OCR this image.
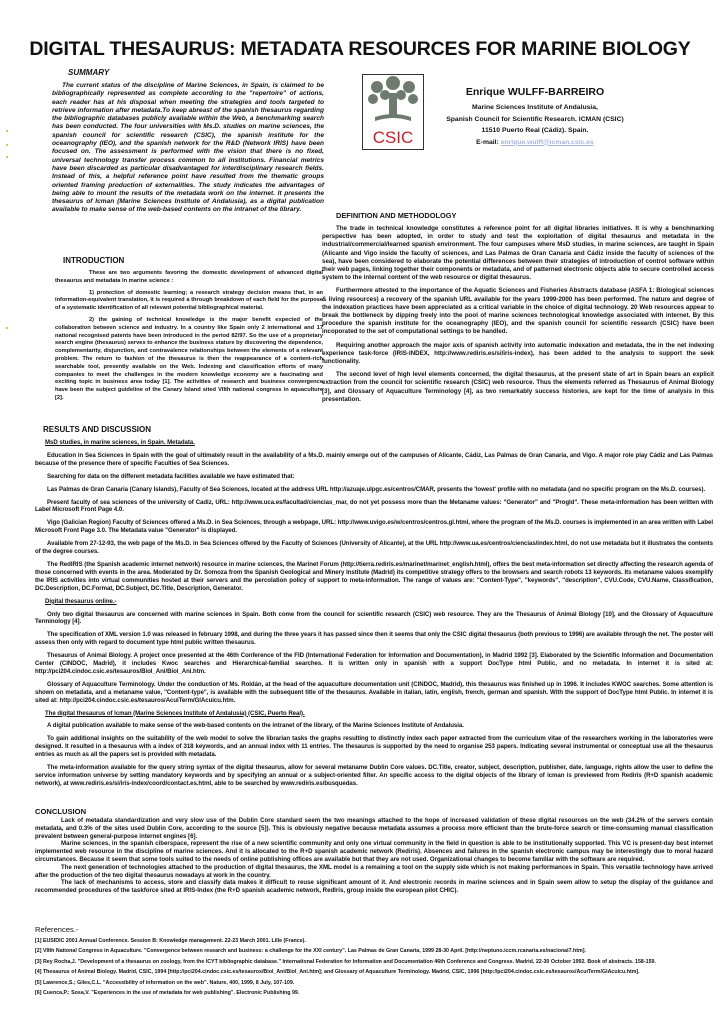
DIGITAL THESAURUS: METADATA RESOURCES FOR MARINE BIOLOGY
SUMMARY

The current status of the discipline of Marine Sciences, in Spain, is claimed to be bibliographically represented as complete according to the "repertoire" of actions, each reader has at his disposal when meeting the strategies and tools targeted to retrieve information after metadata.To keep abreast of the spanish thesaurus regarding the bibliographic databases publicly available within the Web, a benchmarking search has been conducted. The four universities with Ms.D. studies on marine sciences, the spanish council for scientific research (CSIC), the spanish institute for the oceanography (IEO), and the spanish network for the R&D (Network IRIS) have been focused on. The assessment is performed with the vision that there is no fixed, universal technology transfer process common to all institutions. Financial metrics have been discarded as particular disadvantaged for interdisciplinary research fields. Instead of this, a helpful reference point have resulted from the thematic groups oriented framing production of externalities. The study indicates the advantages of being able to mount the results of the metadata work on the internet. It presents the thesaurus of Icman (Marine Sciences Institute of Andalusia), as a digital publication available to make sense of the web-based contents on the intranet of the library.

CSIC
Enrique WULFF-BARREIRO
Marine Sciences Institute of Andalusia,
Spanish Council for Scientific Research. ICMAN (CSIC)
11510 Puerto Real (Cádiz). Spain.
E-mail: enrique.wulff@icman.csic.es
INTRODUCTION

These are two arguments favoring the domestic development of advanced digital thesaurus and metadata in marine science :

1) protection of domestic learning; a research strategy decision means that, in an information-equivalent translation, it is required a through breakdown of each field for the purpose of a systematic identification of all relevant potential bibliographical material.

2) the gaining of technical knowledge is the major benefit expected of the collaboration between science and industry. In a country like Spain only 2 international and 17 national recognised patents have been introduced in the period 82/97. So the use of a proprietary search engine (thesaurus) serves to enhance the business stature by discovering the dependence, complementarity, disjunction, and contravalence relationships between the elements of a relevant problem. The return to fashion of the thesaurus is then the reappearance of a content-rich searchable tool, presently available on the Web. Indexing and classification efforts of many companies to meet the challenges in the modern knowledge economy are a fascinating and exciting topic in business area today [1]. The activities of research and business convergence have been the subject guideline of the Canary Island sited VIIth national congress in aquaculture [2].

DEFINITION AND METHODOLOGY

The trade in technical knowledge constitutes a reference point for all digital libraries initiatives. It is why a benchmarking perspective has been adopted, in order to study and test the exploitation of digital thesaurus and metadata in the industrial/commercial/learned spanish environment. The four campuses where MsD studies, in marine sciences, are taught in Spain (Alicante and Vigo inside the faculty of sciences, and Las Palmas de Gran Canaria and Cádiz inside the faculty of sciences of the sea), have been considered to elaborate the potential differences between their strategies of introduction of control software within their web pages, linking together their components or metadata, and of patterned electronic objects able to secure controlled access system to the internal content of the web resource or digital thesaurus.

Furthermore attested to the importance of the Aquatic Sciences and Fisheries Abstracts database (ASFA 1: Biological sciences & living resources) a recovery of the spanish URL available for the years 1999-2000 has been performed. The nature and degree of the indexation practices have been appreciated as a critical variable in the choice of digital technology. 20 Web resources appear to break the bottleneck by dipping freely into the pool of marine sciences technological knowledge associated with internet. By this procedure the spanish institute for the oceanography (IEO), and the spanish council for scientific research (CSIC) have been incoporated to the set of computational settings to be handled.

Requiring another approach the major axis of spanish activity into automatic indexation and metadata, the in the net indexing experience task-force (IRIS-INDEX, http://www.rediris.es/si/iris-index), has been added to the analysis to support the seek functionality.

The second level of high level elements concerned, the digital thesaurus, at the present state of art in Spain bears an explicit extraction from the council for scientific research (CSIC) web resource. Thus the elements referred as Thesaurus of Animal Biology [3], and Glossary of Aquaculture Terminology [4], as two remarkably success histories, are kept for the time of analysis in this presentation.

RESULTS AND DISCUSSION

MsD studies, in marine sciences, in Spain. Metadata.

Education in Sea Sciences in Spain with the goal of ultimately result in the availability of a Ms.D. mainly emerge out of the campuses of Alicante, Cádiz, Las Palmas de Gran Canaria, and Vigo. A major role play Cádiz and Las Palmas because of the presence there of specific Faculties of Sea Sciences.

Searching for data on the different metadata facilities available we have estimated that:

Las Palmas de Gran Canaria (Canary Islands), Faculty of Sea Sciences, located at the address URL http://azuaje.ulpgc.es/centros/CMAR, presents the 'lowest' profile with no metadata (and no specific program on the Ms.D. courses).

Present faculty of sea sciences of the university of Cadiz, URL: http://www.uca.es/facultad/ciencias_mar, do not yet possess more than the Metaname values: "Generator" and "Progld". These meta-information has been written with Label Microsoft Front Page 4.0.

Vigo (Galician Region) Faculty of Sciences offered a Ms.D. in Sea Sciences, through a webpage, URL: http://www.uvigo.es/w/centros/centros.gl.html, where the program of the Ms.D. courses is implemented in an area written with Label Microsoft Front Page 3.0. The Metadata value "Generator" is displayed.

Available from 27-12-93, the web page of the Ms.D. in Sea Sciences offered by the Faculty of Sciences (University of Alicante), at the URL http://www.ua.es/centros/ciencias/index.html, do not use metadata but it illustrates the contents of the degree courses.

The RedIRIS (the Spanish academic internet network) resource in marine sciences, the Marinet Forum (http://tierra.rediris.es/marinet/marinet_english.html), offers the best meta-information set directly affecting the research agenda of those concerned with events in the area. Moderated by Dr. Somoza from the Spanish Geological and Minery Institute (Madrid) its competitive strategy offers to the browsers and search robots 13 keywords. Its metaname values exemplify the IRIS activities into virtual communities hosted at their servers and the percolation policy of support to meta-information. The range of values are: "Content-Type", "keywords", "description", CVU.Code, CVU.Name, Classification, DC.Description, DC.Format, DC.Subject, DC.Title, Description, Generator.

Digital thesaurus online.-

Only two digital thesaurus are concerned with marine sciences in Spain. Both come from the council for scientific research (CSIC) web resource. They are the Thesaurus of Animal Biology [10], and the Glossary of Aquaculture Terminology [4].

The specification of XML version 1.0 was released in february 1998, and during the three years it has passed since then it seems that only the CSIC digital thesaurus (both previous to 1996) are available through the net. The poster will assess then only with regard to document type html public written thesaurus.

Thesaurus of Animal Biology. A project once presented at the 46th Conference of the FID (International Federation for Information and Documentation), in Madrid 1992 [3]. Elaborated by the Scientific Information and Documentation Center (CINDOC, Madrid), it includes Kwoc searches and Hierarchical-familial searches. It is written only in spanish with a support DocType html Public, and no metadata. In internet it is sited at: http://pci204.cindoc.csic.es/tesauros/Biol_Ani/Biol_Ani.htm.

Glossary of Aquaculture Terminology. Under the conduction of Ms. Roldán, at the head of the aquaculture documentation unit (CINDOC, Madrid), this thesaurus was finished up in 1996. It includes KWOC searches. Some attention is shown on metadata, and a metaname value, "Content-type", is available with the subsequent title of the thesaurus. Available in italian, latin, english, french, german and spanish. With the support of DocType html Public. In internet it is sited at: http://pci204.cindoc.csic.es/tesauros/AcuiTerm/GlAcuicu.htm.

The digital thesaurus of Icman (Marine Sciences Institute of Andalusia) (CSIC, Puerto Real).

A digital publication available to make sense of the web-based contents on the intranet of the library, of the Marine Sciences Institute of Andalusia.

To gain additional insights on the suitability of the web model to solve the librarian tasks the graphs resulting to distinctly index each paper extracted from the curriculum vitae of the researchers working in the laboratories were designed. It resulted in a thesaurus with a index of 318 keywords, and an annual index with 11 entries. The thesaurus is supported by the need to organise 253 papers. Indicating several instrumental or conceptual use all the thesaurus entries as much as all the papers set is provided with metadata.

The meta-information available for the query string syntax of the digital thesaurus, allow for several metaname Dublin Core values. DC.Title, creator, subject, description, publisher, date, language, rights allow the user to define the service information universe by setting mandatory keywords and by specifying an annual or a subject-oriented filter. An specific access to the digital objects of the library of icman is previewed from Rediris (R+D spanish academic network), at www.rediris.es/si/iris-index/coord/contact.es.html, able to be searched by www.rediris.es/busquedas.

CONCLUSION

Lack of metadata standardization and very slow use of the Dublin Core standard seem the two meanings attached to the hope of increased validation of these digital resources on the web (34.2% of the servers contain metadata, and 0.3% of the sites used Dublin Core, according to the source [5]). This is obviously negative because metadata assumes a process more efficient than the brute-force search or time-consuming manual classification prevalent between general-purpose internet engines [6].

Marine sciences, in the spanish ciberspace, represent the rise of a new scientific community and only one virtual community in the field in question is able to be institutionally supported. This VC is present-day best internet implemented web resource in the discipline of marine sciences. And it is allocated to the R+D spanish academic network (Rediris). Absences and failures in the spanish electronic campus may be interestingly due to moral hazard circunstances. Because it seem that some tools suited to the needs of online publishing offices are available but that they are not used. Organizational changes to become familiar with the software are required.

The next generation of technologies attached to the production of digital thesaurus, the XML model is a remaining a tool on the supply side which is not making performances in Spain. This versatile technology have arrived after the production of the two digital thesaurus nowadays at work in the country.

The lack of mechanisms to access, store and classify data makes it difficult to reuse significant amount of it. And electronic records in marine sciences and in Spain seem allow to setup the display of the guidance and recommended procedures of the taskforce sited at IRIS-Index (the R+D spanish academic network, RedIris, group inside the european pilot CHIC).

References.-

[1] EUSIDIC 2001 Annual Conference. Session B: Knowledge management. 22-23 March 2001. Lille (France).

[2] VIIth National Congress in Aquaculture. "Convergence between research and business: a challenge for the XXI century". Las Palmas de Gran Canaria, 1999 28-30 April. [http://neptuno.iccm.rcanaria.es/nacional7.htm].

[3] Rey Rocha,J. "Development of a thesaurus on zoology, from the ICYT bibliographic database." International Federation for Information and Documentation 46th Conference and Congress. Madrid, 22-30 October 1992. Book of abstracts. 158-159.

[4] Thesaurus of Animal Biology. Madrid, CSIC, 1994 [http://pci204.cindoc.csic.es/tesauros/Biol_Ani/Biol_Ani.htm]; and Glossary of Aquaculture Terminology. Madrid, CSIC, 1996 [http://pci204.cindoc.csic.es/tesauros/AcuiTerm/GlAcuicu.htm].

[5] Lawrence,S.; Giles,C.L. "Accessibility of information on the web". Nature, 400, 1999, 8 July, 107-109.

[6] Cuenca,P.; Sosa,V. "Experiences in the use of metadata for web publishing". Electronic Publishing 99.
